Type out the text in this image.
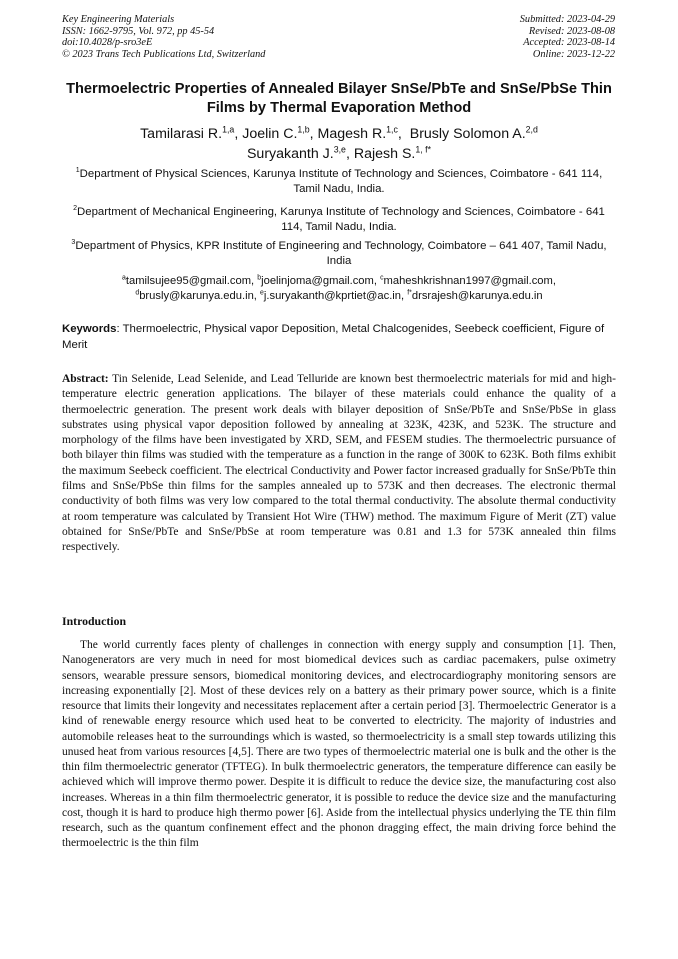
Key Engineering Materials
ISSN: 1662-9795, Vol. 972, pp 45-54
doi:10.4028/p-sro3eE
© 2023 Trans Tech Publications Ltd, Switzerland
Submitted: 2023-04-29
Revised: 2023-08-08
Accepted: 2023-08-14
Online: 2023-12-22
Thermoelectric Properties of Annealed Bilayer SnSe/PbTe and SnSe/PbSe Thin Films by Thermal Evaporation Method
Tamilarasi R.$^{1,a}$, Joelin C.$^{1,b}$, Magesh R.$^{1,c}$,  Brusly Solomon A.$^{2,d}$
Suryakanth J.$^{3,e}$, Rajesh S.$^{1, f*}$
$^1$Department of Physical Sciences, Karunya Institute of Technology and Sciences, Coimbatore - 641 114, Tamil Nadu, India.
$^2$Department of Mechanical Engineering, Karunya Institute of Technology and Sciences, Coimbatore - 641 114, Tamil Nadu, India.
$^3$Department of Physics, KPR Institute of Engineering and Technology, Coimbatore – 641 407, Tamil Nadu, India
$^a$tamilsujee95@gmail.com, $^b$joelinjoma@gmail.com, $^c$maheshkrishnan1997@gmail.com,
$^d$brusly@karunya.edu.in, $^e$j.suryakanth@kprtiet@ac.in, $^{f*}$drsrajesh@karunya.edu.in
Keywords: Thermoelectric, Physical vapor Deposition, Metal Chalcogenides, Seebeck coefficient, Figure of Merit
Abstract: Tin Selenide, Lead Selenide, and Lead Telluride are known best thermoelectric materials for mid and high-temperature electric generation applications. The bilayer of these materials could enhance the quality of a thermoelectric generation. The present work deals with bilayer deposition of SnSe/PbTe and SnSe/PbSe in glass substrates using physical vapor deposition followed by annealing at 323K, 423K, and 523K. The structure and morphology of the films have been investigated by XRD, SEM, and FESEM studies. The thermoelectric pursuance of both bilayer thin films was studied with the temperature as a function in the range of 300K to 623K. Both films exhibit the maximum Seebeck coefficient. The electrical Conductivity and Power factor increased gradually for SnSe/PbTe thin films and SnSe/PbSe thin films for the samples annealed up to 573K and then decreases. The electronic thermal conductivity of both films was very low compared to the total thermal conductivity. The absolute thermal conductivity at room temperature was calculated by Transient Hot Wire (THW) method. The maximum Figure of Merit (ZT) value obtained for SnSe/PbTe and SnSe/PbSe at room temperature was 0.81 and 1.3 for 573K annealed thin films respectively.
Introduction
The world currently faces plenty of challenges in connection with energy supply and consumption [1]. Then, Nanogenerators are very much in need for most biomedical devices such as cardiac pacemakers, pulse oximetry sensors, wearable pressure sensors, biomedical monitoring devices, and electrocardiography monitoring sensors are increasing exponentially [2]. Most of these devices rely on a battery as their primary power source, which is a finite resource that limits their longevity and necessitates replacement after a certain period [3]. Thermoelectric Generator is a kind of renewable energy resource which used heat to be converted to electricity. The majority of industries and automobile releases heat to the surroundings which is wasted, so thermoelectricity is a small step towards utilizing this unused heat from various resources [4,5]. There are two types of thermoelectric material one is bulk and the other is the thin film thermoelectric generator (TFTEG). In bulk thermoelectric generators, the temperature difference can easily be achieved which will improve thermo power. Despite it is difficult to reduce the device size, the manufacturing cost also increases. Whereas in a thin film thermoelectric generator, it is possible to reduce the device size and the manufacturing cost, though it is hard to produce high thermo power [6]. Aside from the intellectual physics underlying the TE thin film research, such as the quantum confinement effect and the phonon dragging effect, the main driving force behind the thermoelectric is the thin film
